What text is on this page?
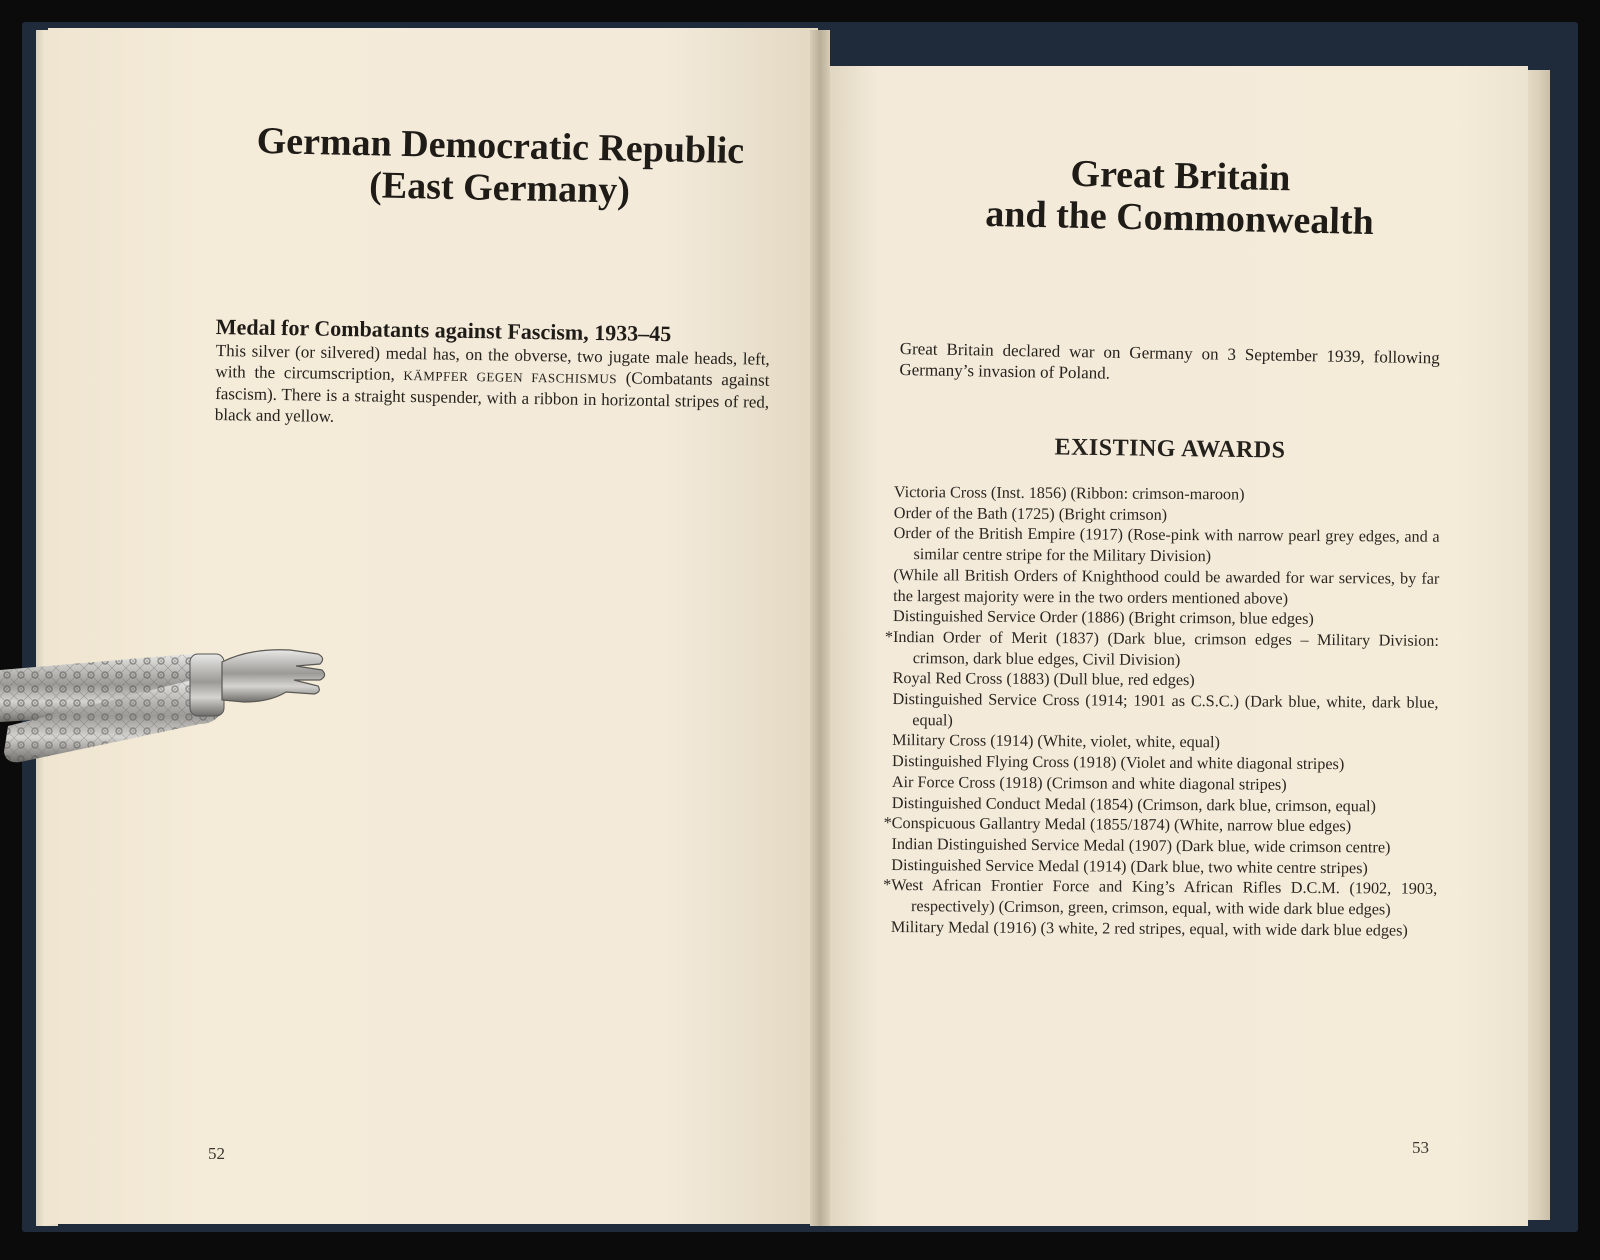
German Democratic Republic
(East Germany)
Medal for Combatants against Fascism, 1933–45

This silver (or silvered) medal has, on the obverse, two jugate male heads, left, with the circumscription, KÄMPFER GEGEN FASCHISMUS (Combatants against fascism). There is a straight suspender, with a ribbon in horizontal stripes of red, black and yellow.

52

Great Britain
and the Commonwealth

Great Britain declared war on Germany on 3 September 1939, following Germany’s invasion of Poland.

EXISTING AWARDS
Victoria Cross (Inst. 1856) (Ribbon: crimson-maroon)
Order of the Bath (1725) (Bright crimson)
Order of the British Empire (1917) (Rose-pink with narrow pearl grey edges, and a similar centre stripe for the Military Division)
(While all British Orders of Knighthood could be awarded for war services, by far the largest majority were in the two orders mentioned above)
Distinguished Service Order (1886) (Bright crimson, blue edges)
*Indian Order of Merit (1837) (Dark blue, crimson edges – Military Division: crimson, dark blue edges, Civil Division)
Royal Red Cross (1883) (Dull blue, red edges)
Distinguished Service Cross (1914; 1901 as C.S.C.) (Dark blue, white, dark blue, equal)
Military Cross (1914) (White, violet, white, equal)
Distinguished Flying Cross (1918) (Violet and white diagonal stripes)
Air Force Cross (1918) (Crimson and white diagonal stripes)
Distinguished Conduct Medal (1854) (Crimson, dark blue, crimson, equal)
*Conspicuous Gallantry Medal (1855/1874) (White, narrow blue edges)
Indian Distinguished Service Medal (1907) (Dark blue, wide crimson centre)
Distinguished Service Medal (1914) (Dark blue, two white centre stripes)
*West African Frontier Force and King’s African Rifles D.C.M. (1902, 1903, respectively) (Crimson, green, crimson, equal, with wide dark blue edges)
Military Medal (1916) (3 white, 2 red stripes, equal, with wide dark blue edges)

53
